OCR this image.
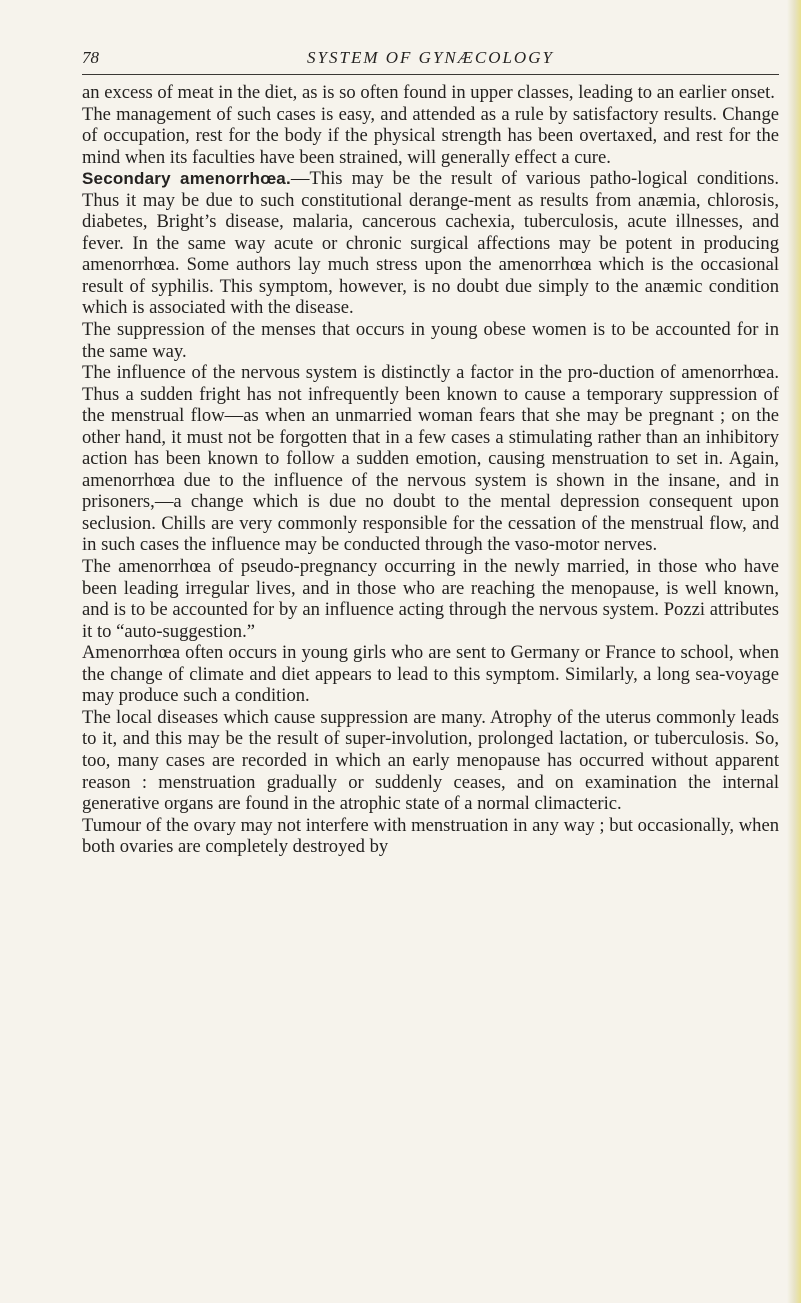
78	SYSTEM OF GYNÆCOLOGY

an excess of meat in the diet, as is so often found in upper classes, leading to an earlier onset.

The management of such cases is easy, and attended as a rule by satisfactory results. Change of occupation, rest for the body if the physical strength has been overtaxed, and rest for the mind when its faculties have been strained, will generally effect a cure.

Secondary amenorrhœa.—This may be the result of various patho-logical conditions. Thus it may be due to such constitutional derange-ment as results from anæmia, chlorosis, diabetes, Bright’s disease, malaria, cancerous cachexia, tuberculosis, acute illnesses, and fever. In the same way acute or chronic surgical affections may be potent in producing amenorrhœa. Some authors lay much stress upon the amenorrhœa which is the occasional result of syphilis. This symptom, however, is no doubt due simply to the anæmic condition which is associated with the disease.

The suppression of the menses that occurs in young obese women is to be accounted for in the same way.

The influence of the nervous system is distinctly a factor in the pro-duction of amenorrhœa. Thus a sudden fright has not infrequently been known to cause a temporary suppression of the menstrual flow—as when an unmarried woman fears that she may be pregnant ; on the other hand, it must not be forgotten that in a few cases a stimulating rather than an inhibitory action has been known to follow a sudden emotion, causing menstruation to set in. Again, amenorrhœa due to the influence of the nervous system is shown in the insane, and in prisoners,—a change which is due no doubt to the mental depression consequent upon seclusion. Chills are very commonly responsible for the cessation of the menstrual flow, and in such cases the influence may be conducted through the vaso-motor nerves.

The amenorrhœa of pseudo-pregnancy occurring in the newly married, in those who have been leading irregular lives, and in those who are reaching the menopause, is well known, and is to be accounted for by an influence acting through the nervous system. Pozzi attributes it to “auto-suggestion.”

Amenorrhœa often occurs in young girls who are sent to Germany or France to school, when the change of climate and diet appears to lead to this symptom. Similarly, a long sea-voyage may produce such a condition.

The local diseases which cause suppression are many. Atrophy of the uterus commonly leads to it, and this may be the result of super-involution, prolonged lactation, or tuberculosis. So, too, many cases are recorded in which an early menopause has occurred without apparent reason : menstruation gradually or suddenly ceases, and on examination the internal generative organs are found in the atrophic state of a normal climacteric.

Tumour of the ovary may not interfere with menstruation in any way ; but occasionally, when both ovaries are completely destroyed by
